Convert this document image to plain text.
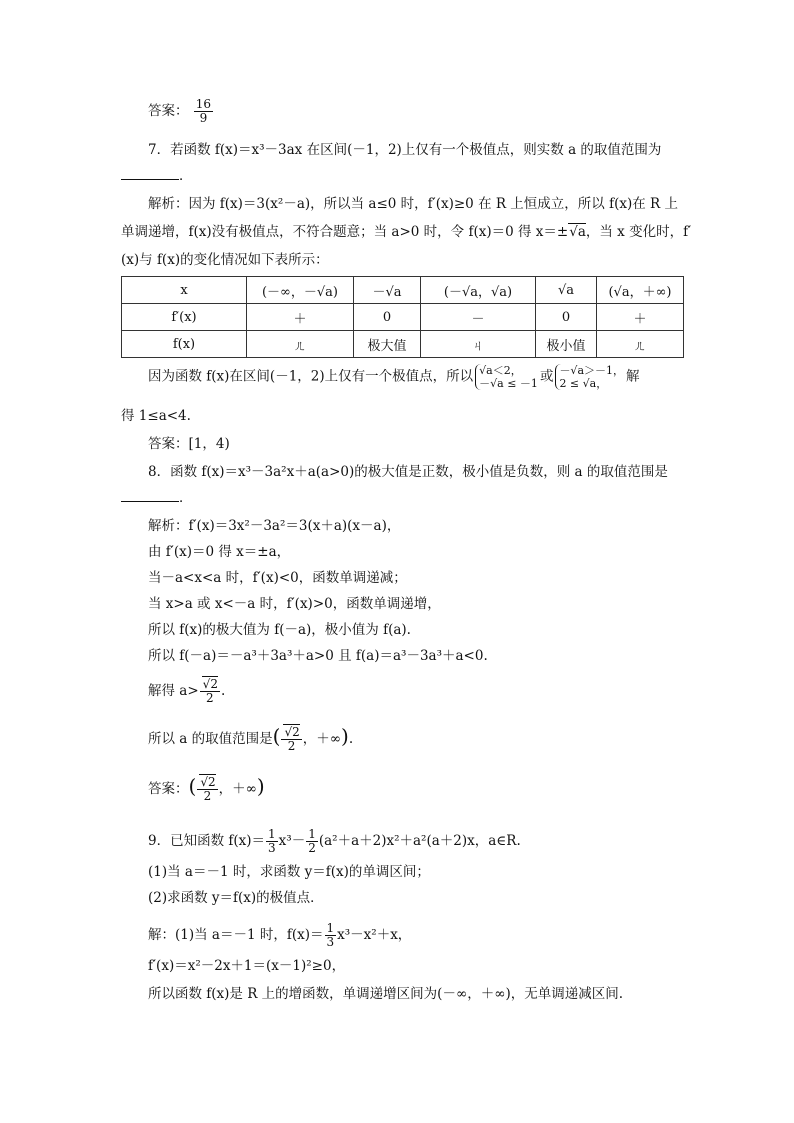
答案： $\frac{16}{9}$
7．若函数 f(x)＝x³－3ax 在区间(－1，2)上仅有一个极值点，则实数 a 的取值范围为
．
解析：因为 f(x)＝3(x²－a)，所以当 a≤0 时，f′(x)≥0 在 R 上恒成立，所以 f(x)在 R 上
单调递增，f(x)没有极值点，不符合题意；当 a>0 时，令 f(x)＝0 得 x＝± √ a，当 x 变化时，f′
(x)与 f(x)的变化情况如下表所示：
x	(－∞，－√a)	－√a	(－√a，√a)	√a	(√a，＋∞)
f′(x)	＋	0	－	0	＋
f(x)	ㄦ	极大值	ㄐ	极小值	ㄦ
因为函数 f(x)在区间(－1，2)上仅有一个极值点，所以 √a＜2，
－√a ≤ －1 或 －√a＞－1，
2 ≤ √a，	解
得 1≤a<4.
答案：[1，4)
8．函数 f(x)＝x³－3a²x＋a(a>0)的极大值是正数，极小值是负数，则 a 的取值范围是
．
解析：f′(x)＝3x²－3a²＝3(x＋a)(x－a)，
由 f′(x)＝0 得 x＝±a，
当－a<x<a 时，f′(x)<0，函数单调递减；
当 x>a 或 x<－a 时，f′(x)>0，函数单调递增，
所以 f(x)的极大值为 f(－a)，极小值为 f(a).
所以 f(－a)＝－a³＋3a³＋a>0 且 f(a)＝a³－3a³＋a<0.
解得 a> √ $\frac{2}{2}$ .
所以 a 的取值范围是( √ $\frac{2}{2}$ ，＋∞).
答案：( √ $\frac{2}{2}$ ，＋∞)
9．已知函数 $f(x)= \frac{1}{3} x^3- \frac{1}{2} (a^2+a+2)x^2+a^2(a+2)x$，a∈R.
(1)当 a＝－1 时，求函数 y＝f(x)的单调区间；
(2)求函数 y＝f(x)的极值点．
解：(1)当 a＝－1 时，$f(x)= \frac{1}{3} x^3-x^2+x$，
f′(x)＝x²－2x＋1＝(x－1)²≥0，
所以函数 f(x)是 R 上的增函数，单调递增区间为(－∞，＋∞)，无单调递减区间.
